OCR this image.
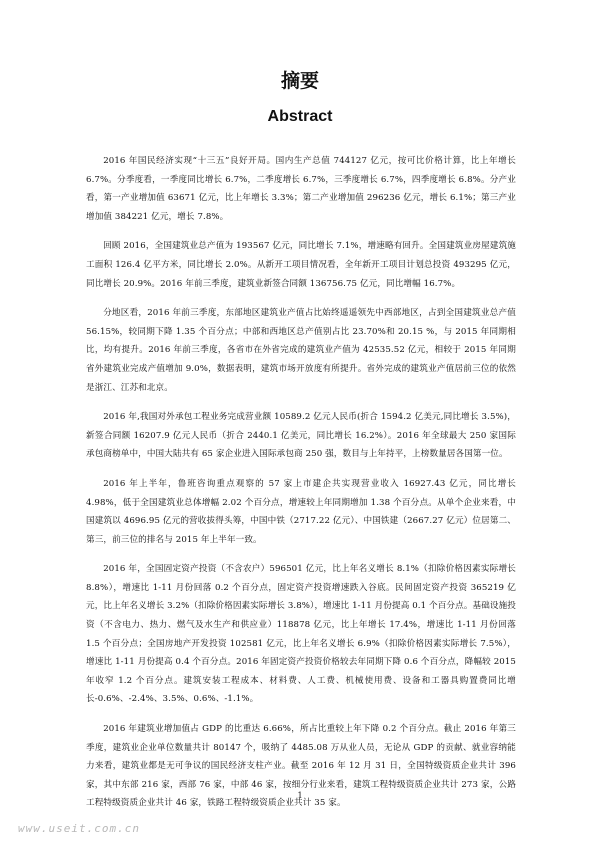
摘要
Abstract

2016 年国民经济实现“十三五”良好开局。国内生产总值 744127 亿元，按可比价格计算，比上年增长 6.7%。分季度看，一季度同比增长 6.7%，二季度增长 6.7%，三季度增长 6.7%，四季度增长 6.8%。分产业看，第一产业增加值 63671 亿元，比上年增长 3.3%；第二产业增加值 296236 亿元，增长 6.1%；第三产业增加值 384221 亿元，增长 7.8%。

回顾 2016，全国建筑业总产值为 193567 亿元，同比增长 7.1%，增速略有回升。全国建筑业房屋建筑施工面积 126.4 亿平方米，同比增长 2.0%。从新开工项目情况看，全年新开工项目计划总投资 493295 亿元，同比增长 20.9%。2016 年前三季度，建筑业新签合同额 136756.75 亿元，同比增幅 16.7%。

分地区看，2016 年前三季度，东部地区建筑业产值占比始终遥遥领先中西部地区，占到全国建筑业总产值 56.15%，较同期下降 1.35 个百分点；中部和西地区总产值别占比 23.70%和 20.15 %，与 2015 年同期相比，均有提升。2016 年前三季度，各省市在外省完成的建筑业产值为 42535.52 亿元，相较于 2015 年同期省外建筑业完成产值增加 9.0%，数据表明，建筑市场开放度有所提升。省外完成的建筑业产值居前三位的依然是浙江、江苏和北京。

2016 年,我国对外承包工程业务完成营业额 10589.2 亿元人民币(折合 1594.2 亿美元,同比增长 3.5%)，新签合同额 16207.9 亿元人民币（折合 2440.1 亿美元，同比增长 16.2%）。2016 年全球最大 250 家国际承包商榜单中，中国大陆共有 65 家企业进入国际承包商 250 强，数目与上年持平，上榜数量居各国第一位。

2016 年上半年，鲁班咨询重点观察的 57 家上市建企共实现营业收入 16927.43 亿元，同比增长 4.98%，低于全国建筑业总体增幅 2.02 个百分点，增速较上年同期增加 1.38 个百分点。从单个企业来看，中国建筑以 4696.95 亿元的营收拔得头筹，中国中铁（2717.22 亿元）、中国铁建（2667.27 亿元）位居第二、第三，前三位的排名与 2015 年上半年一致。

2016 年，全国固定资产投资（不含农户）596501 亿元，比上年名义增长 8.1%（扣除价格因素实际增长 8.8%），增速比 1-11 月份回落 0.2 个百分点，固定资产投资增速跌入谷底。民间固定资产投资 365219 亿元，比上年名义增长 3.2%（扣除价格因素实际增长 3.8%），增速比 1-11 月份提高 0.1 个百分点。基础设施投资（不含电力、热力、燃气及水生产和供应业）118878 亿元，比上年增长 17.4%，增速比 1-11 月份回落 1.5 个百分点；全国房地产开发投资 102581 亿元，比上年名义增长 6.9%（扣除价格因素实际增长 7.5%），增速比 1-11 月份提高 0.4 个百分点。2016 年固定资产投资价格较去年同期下降 0.6 个百分点，降幅较 2015 年收窄 1.2 个百分点。建筑安装工程成本、材料费、人工费、机械使用费、设备和工器具购置费同比增长-0.6%、-2.4%、3.5%、0.6%、-1.1%。

2016 年建筑业增加值占 GDP 的比重达 6.66%，所占比重较上年下降 0.2 个百分点。截止 2016 年第三季度，建筑业企业单位数量共计 80147 个，吸纳了 4485.08 万从业人员，无论从 GDP 的贡献、就业容纳能力来看，建筑业都是无可争议的国民经济支柱产业。截至 2016 年 12 月 31 日，全国特级资质企业共计 396 家，其中东部 216 家，西部 76 家，中部 46 家，按细分行业来看，建筑工程特级资质企业共计 273 家，公路工程特级资质企业共计 46 家，铁路工程特级资质企业共计 35 家。

1
www.useit.com.cn
